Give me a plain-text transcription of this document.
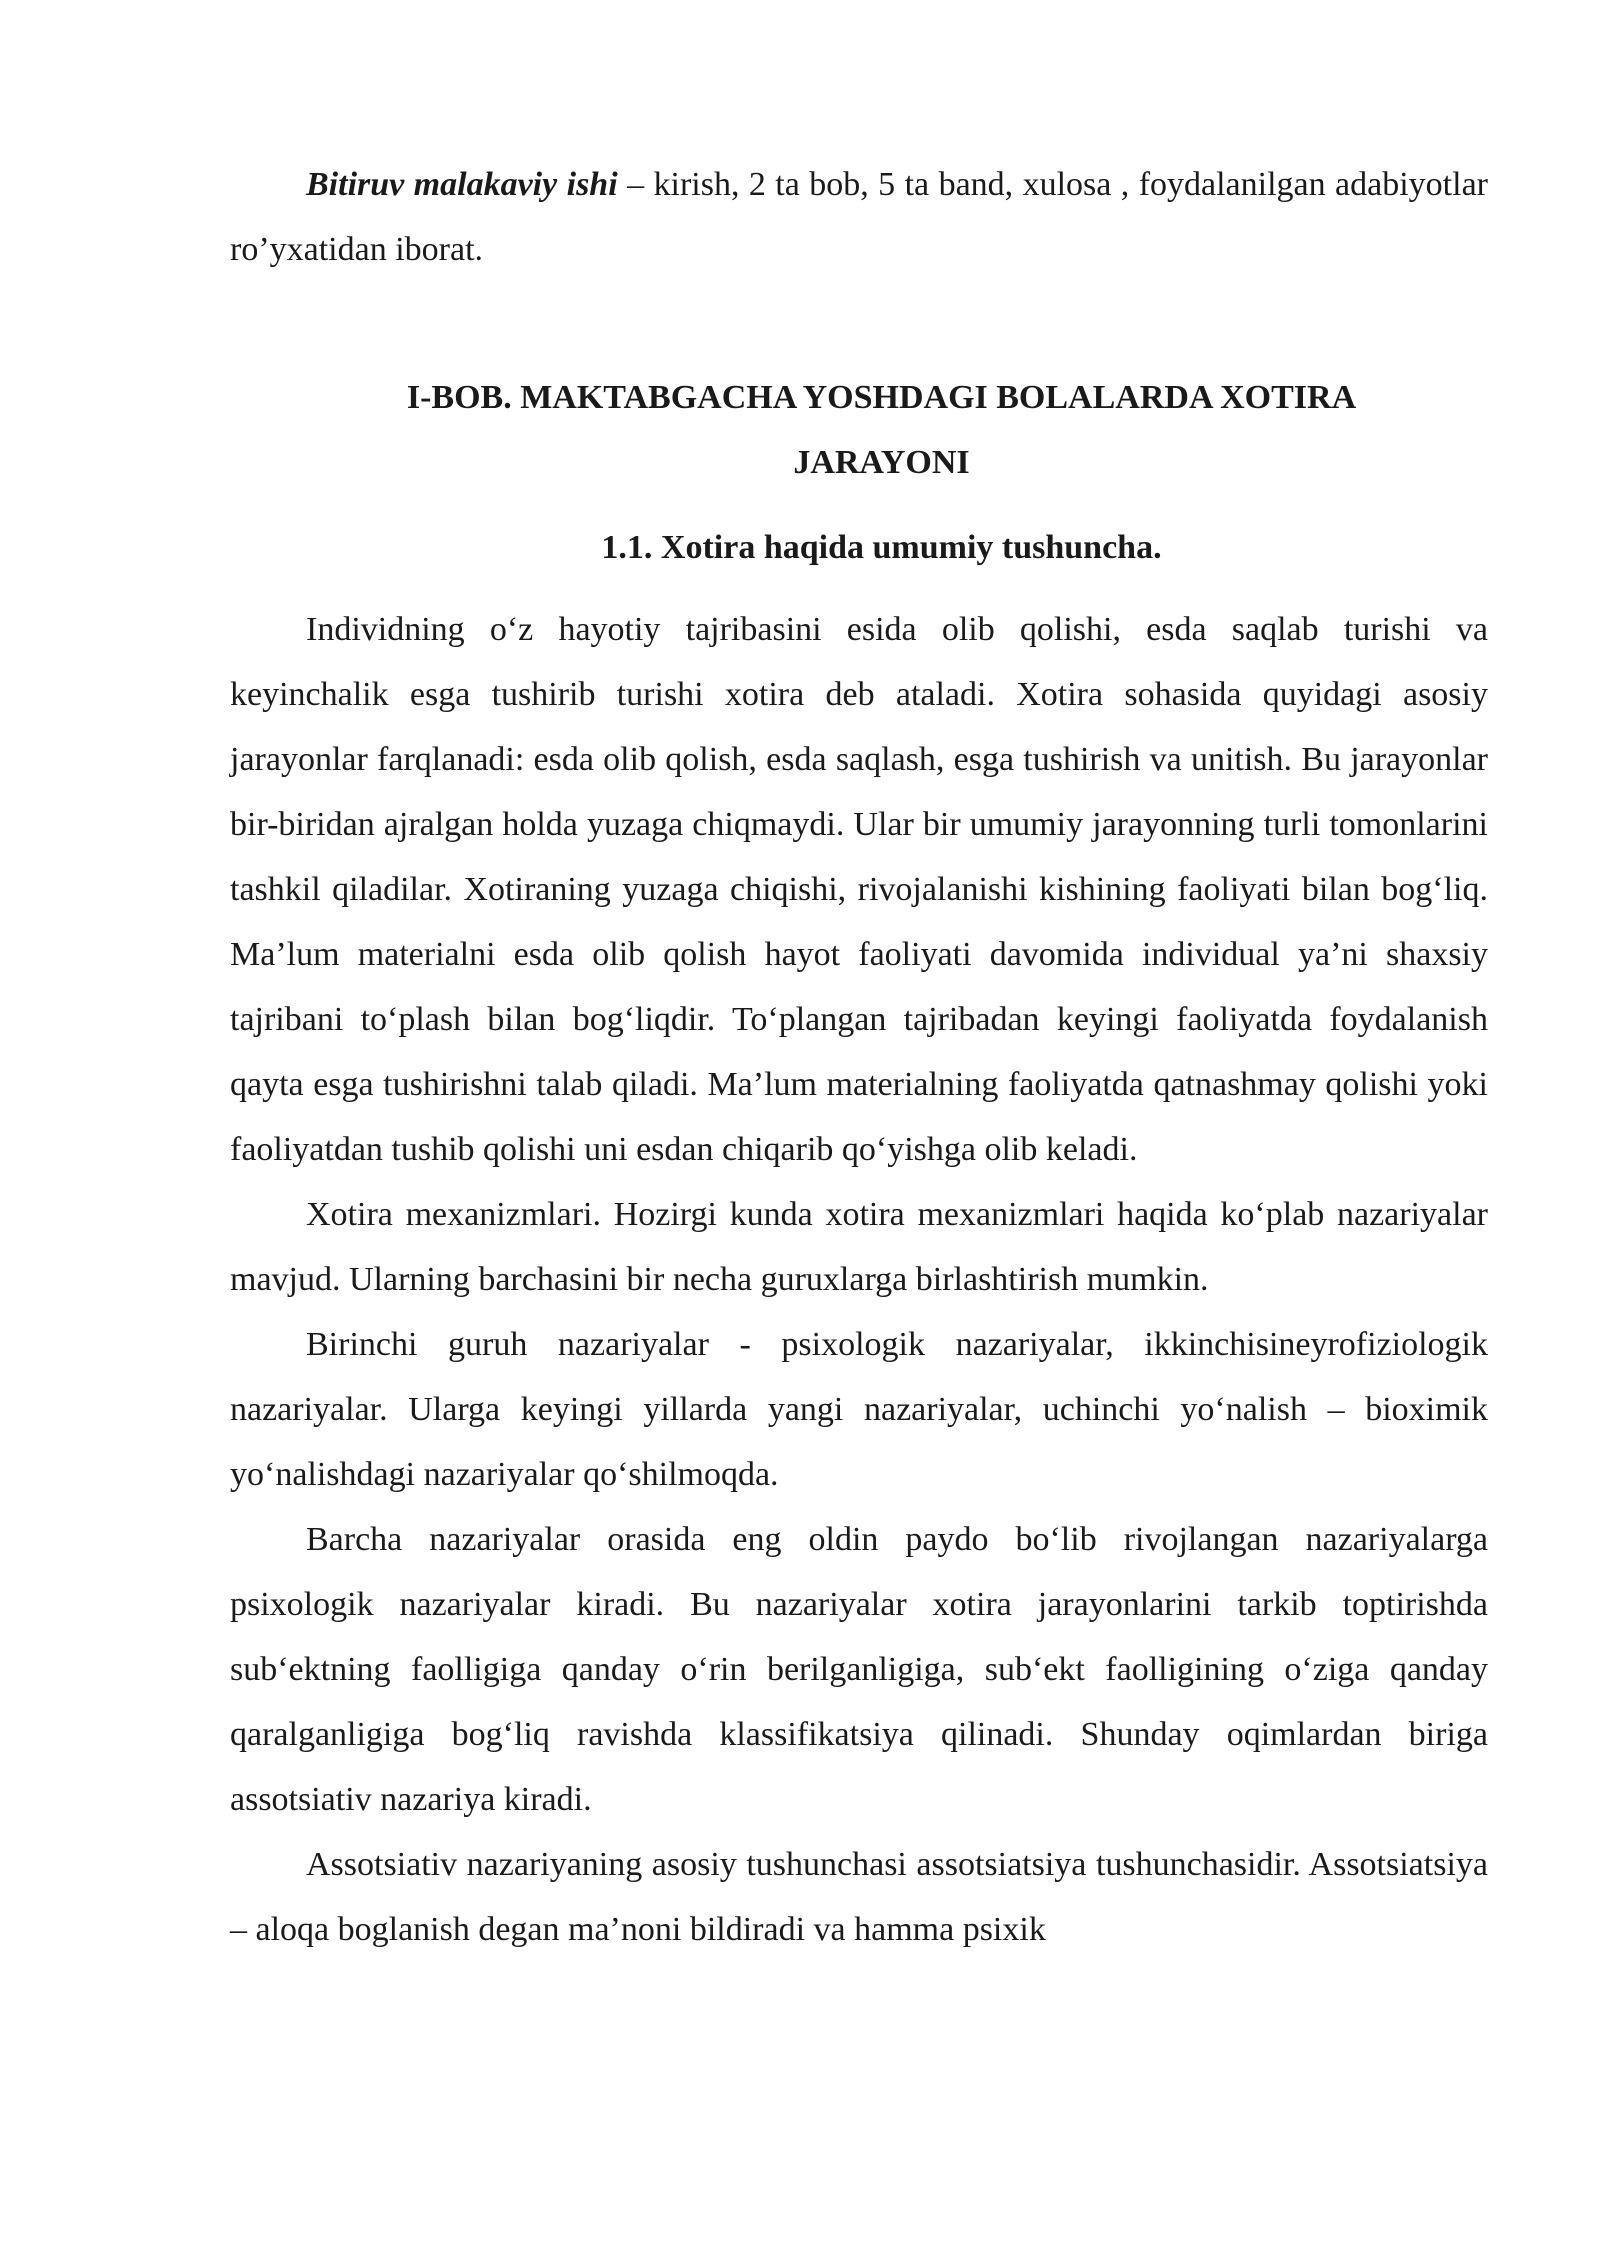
Bitiruv malakaviy ishi – kirish, 2 ta bob, 5 ta band, xulosa , foydalanilgan adabiyotlar ro’yxatidan iborat.

I-BOB. MAKTABGACHA YOSHDAGI BOLALARDA XOTIRA
JARAYONI
1.1. Xotira haqida umumiy tushuncha.

Individning o‘z hayotiy tajribasini esida olib qolishi, esda saqlab turishi va keyinchalik esga tushirib turishi xotira deb ataladi. Xotira sohasida quyidagi asosiy jarayonlar farqlanadi: esda olib qolish, esda saqlash, esga tushirish va unitish. Bu jarayonlar bir-biridan ajralgan holda yuzaga chiqmaydi. Ular bir umumiy jarayonning turli tomonlarini tashkil qiladilar. Xotiraning yuzaga chiqishi, rivojalanishi kishining faoliyati bilan bog‘liq. Ma’lum materialni esda olib qolish hayot faoliyati davomida individual ya’ni shaxsiy tajribani to‘plash bilan bog‘liqdir. To‘plangan tajribadan keyingi faoliyatda foydalanish qayta esga tushirishni talab qiladi. Ma’lum materialning faoliyatda qatnashmay qolishi yoki faoliyatdan tushib qolishi uni esdan chiqarib qo‘yishga olib keladi.

Xotira mexanizmlari. Hozirgi kunda xotira mexanizmlari haqida ko‘plab nazariyalar mavjud. Ularning barchasini bir necha guruxlarga birlashtirish mumkin.

Birinchi guruh nazariyalar - psixologik nazariyalar, ikkinchisineyrofiziologik nazariyalar. Ularga keyingi yillarda yangi nazariyalar, uchinchi yo‘nalish – bioximik yo‘nalishdagi nazariyalar qo‘shilmoqda.

Barcha nazariyalar orasida eng oldin paydo bo‘lib rivojlangan nazariyalarga psixologik nazariyalar kiradi. Bu nazariyalar xotira jarayonlarini tarkib toptirishda sub‘ektning faolligiga qanday o‘rin berilganligiga, sub‘ekt faolligining o‘ziga qanday qaralganligiga bog‘liq ravishda klassifikatsiya qilinadi. Shunday oqimlardan biriga assotsiativ nazariya kiradi.

Assotsiativ nazariyaning asosiy tushunchasi assotsiatsiya tushunchasidir. Assotsiatsiya – aloqa boglanish degan ma’noni bildiradi va hamma psixik
